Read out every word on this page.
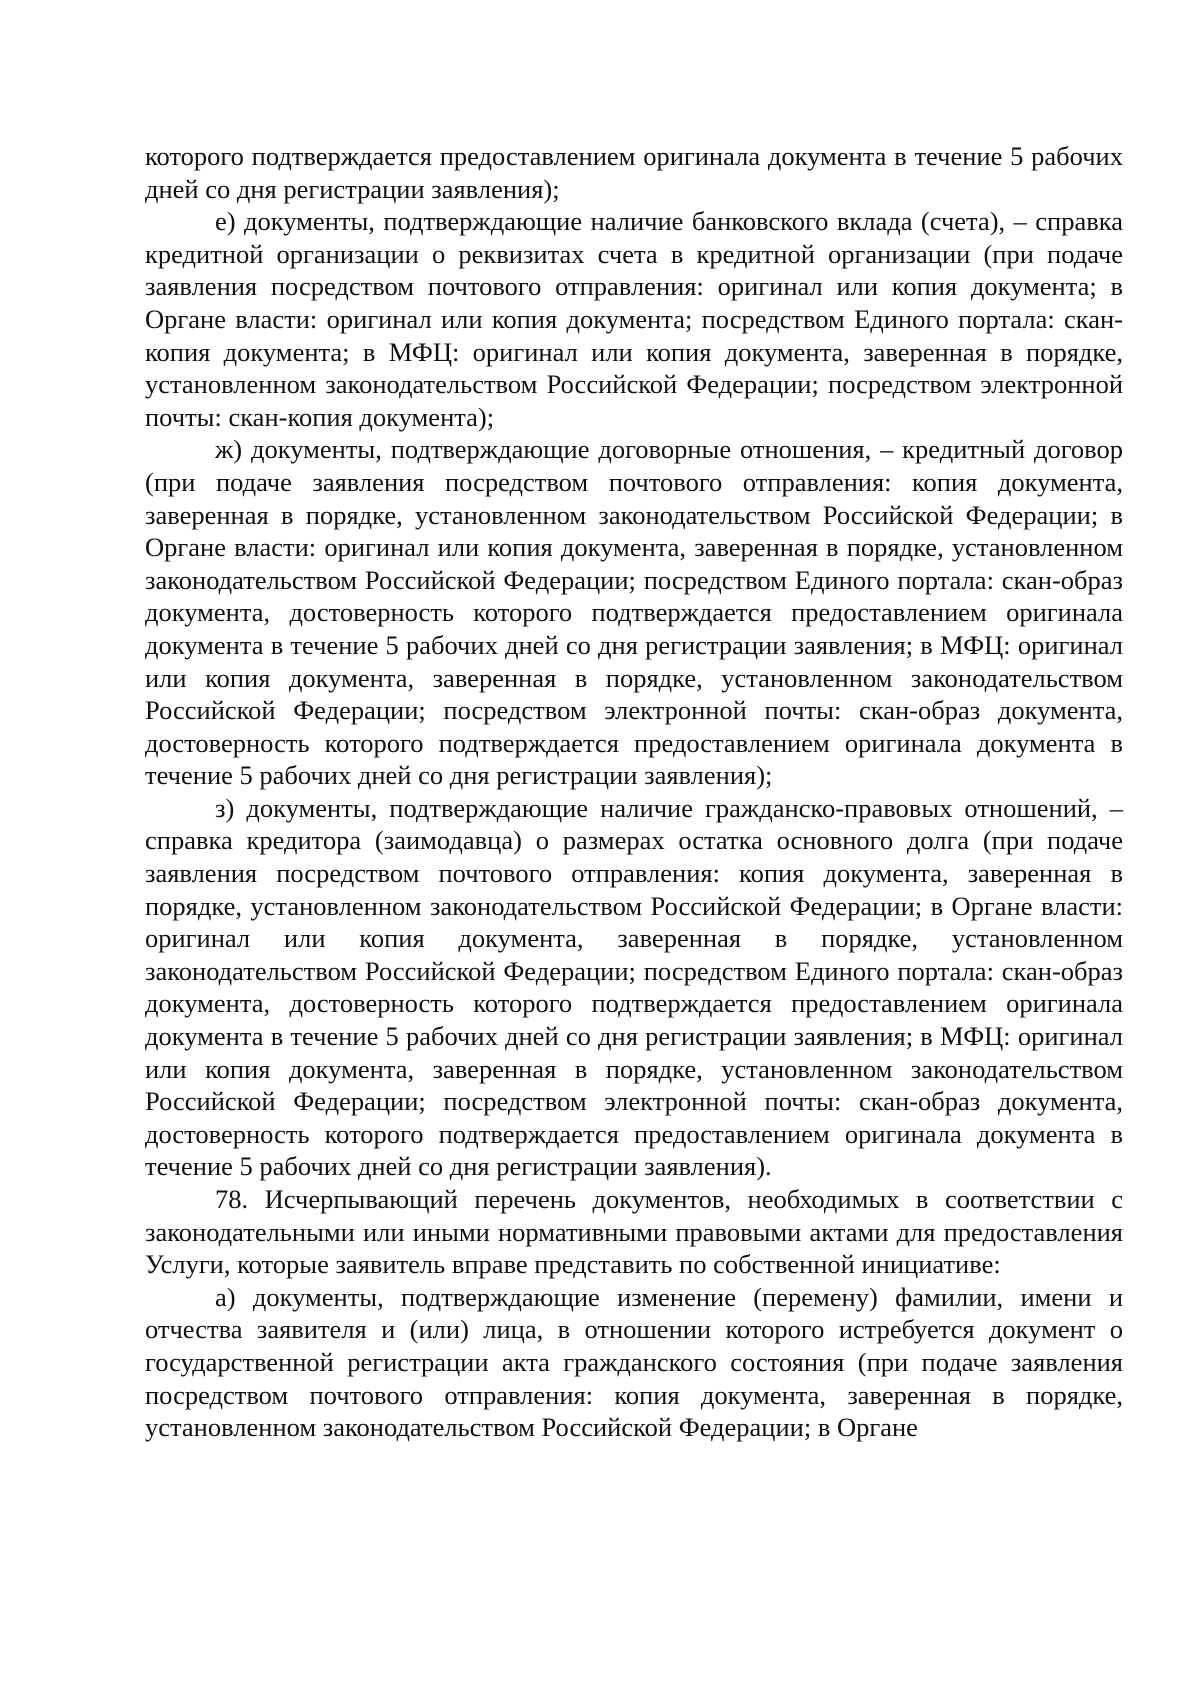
которого подтверждается предоставлением оригинала документа в течение 5 рабочих дней со дня регистрации заявления);

е) документы, подтверждающие наличие банковского вклада (счета), – справка кредитной организации о реквизитах счета в кредитной организации (при подаче заявления посредством почтового отправления: оригинал или копия документа; в Органе власти: оригинал или копия документа; посредством Единого портала: скан-копия документа; в МФЦ: оригинал или копия документа, заверенная в порядке, установленном законодательством Российской Федерации; посредством электронной почты: скан-копия документа);

ж) документы, подтверждающие договорные отношения, – кредитный договор (при подаче заявления посредством почтового отправления: копия документа, заверенная в порядке, установленном законодательством Российской Федерации; в Органе власти: оригинал или копия документа, заверенная в порядке, установленном законодательством Российской Федерации; посредством Единого портала: скан-образ документа, достоверность которого подтверждается предоставлением оригинала документа в течение 5 рабочих дней со дня регистрации заявления; в МФЦ: оригинал или копия документа, заверенная в порядке, установленном законодательством Российской Федерации; посредством электронной почты: скан-образ документа, достоверность которого подтверждается предоставлением оригинала документа в течение 5 рабочих дней со дня регистрации заявления);

з) документы, подтверждающие наличие гражданско-правовых отношений, – справка кредитора (заимодавца) о размерах остатка основного долга (при подаче заявления посредством почтового отправления: копия документа, заверенная в порядке, установленном законодательством Российской Федерации; в Органе власти: оригинал или копия документа, заверенная в порядке, установленном законодательством Российской Федерации; посредством Единого портала: скан-образ документа, достоверность которого подтверждается предоставлением оригинала документа в течение 5 рабочих дней со дня регистрации заявления; в МФЦ: оригинал или копия документа, заверенная в порядке, установленном законодательством Российской Федерации; посредством электронной почты: скан-образ документа, достоверность которого подтверждается предоставлением оригинала документа в течение 5 рабочих дней со дня регистрации заявления).

78. Исчерпывающий перечень документов, необходимых в соответствии с законодательными или иными нормативными правовыми актами для предоставления Услуги, которые заявитель вправе представить по собственной инициативе:

а) документы, подтверждающие изменение (перемену) фамилии, имени и отчества заявителя и (или) лица, в отношении которого истребуется документ о государственной регистрации акта гражданского состояния (при подаче заявления посредством почтового отправления: копия документа, заверенная в порядке, установленном законодательством Российской Федерации; в Органе
